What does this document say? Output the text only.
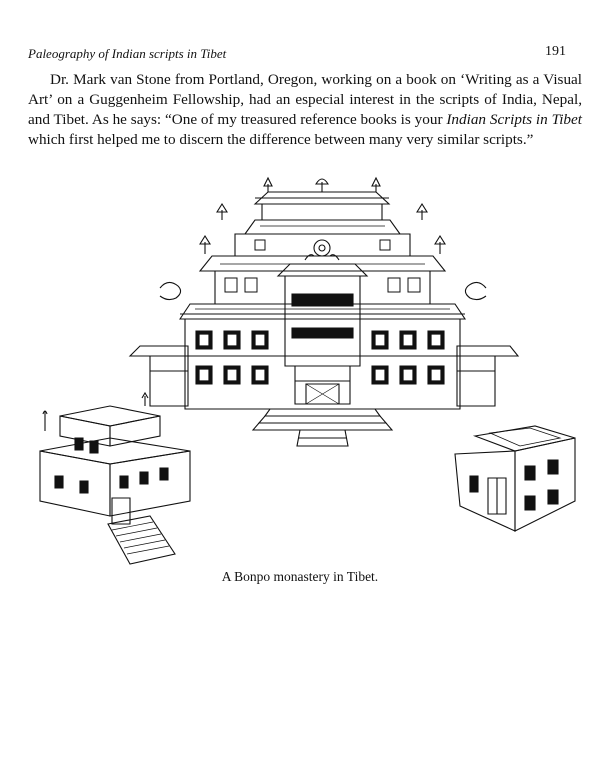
Paleography of Indian scripts in Tibet	191

Dr. Mark van Stone from Portland, Oregon, working on a book on ‘Writing as a Visual Art’ on a Guggenheim Fellowship, had an especial interest in the scripts of India, Nepal, and Tibet. As he says: “One of my treasured reference books is your Indian Scripts in Tibet which first helped me to discern the difference between many very similar scripts.”

A Bonpo monastery in Tibet.
